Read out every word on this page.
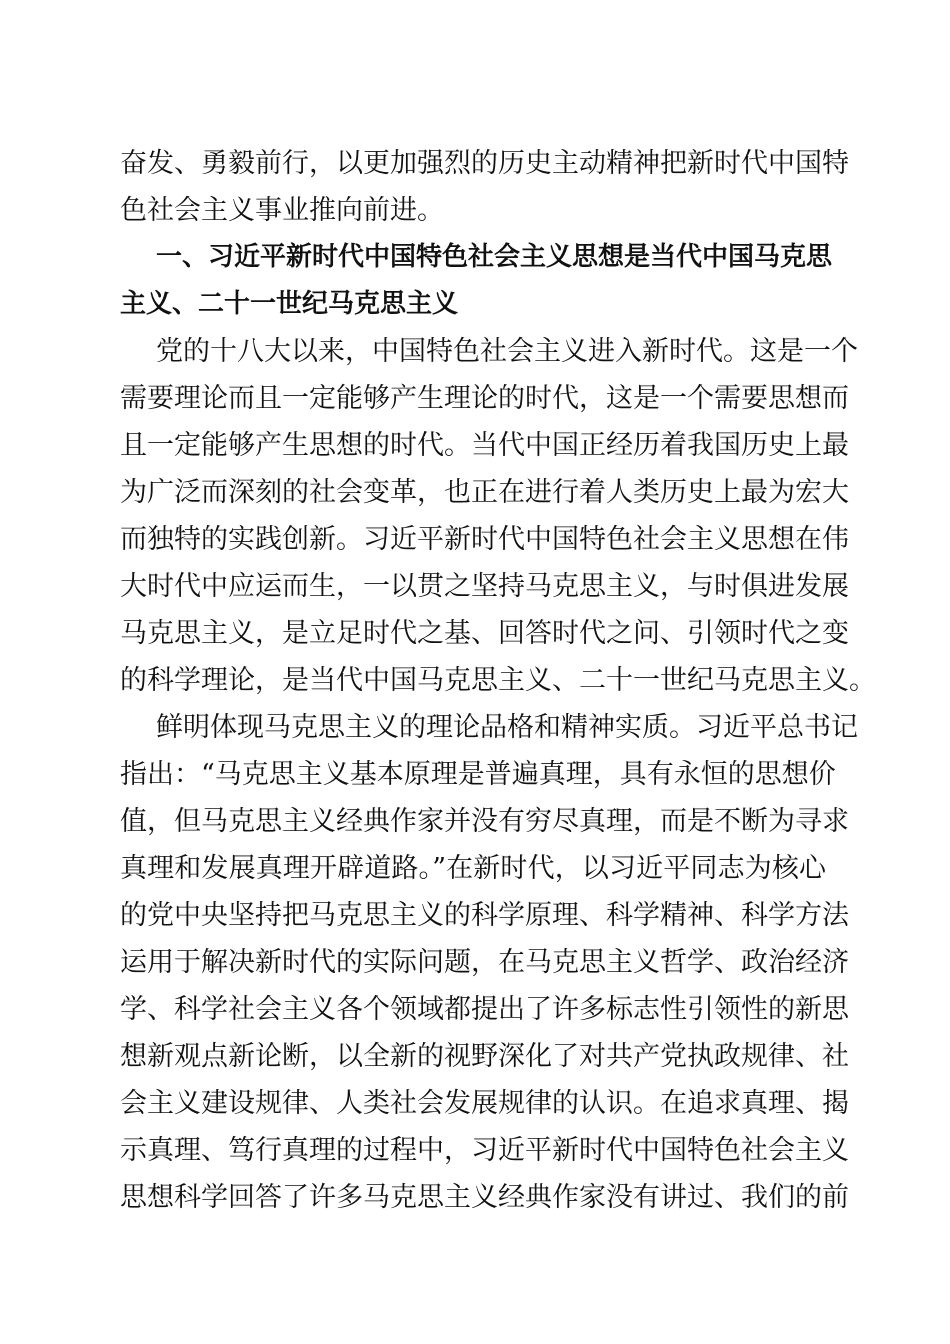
奋发、勇毅前行，以更加强烈的历史主动精神把新时代中国特
色社会主义事业推向前进。
一、习近平新时代中国特色社会主义思想是当代中国马克思
主义、二十一世纪马克思主义
党的十八大以来，中国特色社会主义进入新时代。这是一个
需要理论而且一定能够产生理论的时代，这是一个需要思想而
且一定能够产生思想的时代。当代中国正经历着我国历史上最
为广泛而深刻的社会变革，也正在进行着人类历史上最为宏大
而独特的实践创新。习近平新时代中国特色社会主义思想在伟
大时代中应运而生，一以贯之坚持马克思主义，与时俱进发展
马克思主义，是立足时代之基、回答时代之问、引领时代之变
的科学理论，是当代中国马克思主义、二十一世纪马克思主义。
鲜明体现马克思主义的理论品格和精神实质。习近平总书记
指出：“马克思主义基本原理是普遍真理，具有永恒的思想价
值，但马克思主义经典作家并没有穷尽真理，而是不断为寻求
真理和发展真理开辟道路。”在新时代，以习近平同志为核心
的党中央坚持把马克思主义的科学原理、科学精神、科学方法
运用于解决新时代的实际问题，在马克思主义哲学、政治经济
学、科学社会主义各个领域都提出了许多标志性引领性的新思
想新观点新论断，以全新的视野深化了对共产党执政规律、社
会主义建设规律、人类社会发展规律的认识。在追求真理、揭
示真理、笃行真理的过程中，习近平新时代中国特色社会主义
思想科学回答了许多马克思主义经典作家没有讲过、我们的前
